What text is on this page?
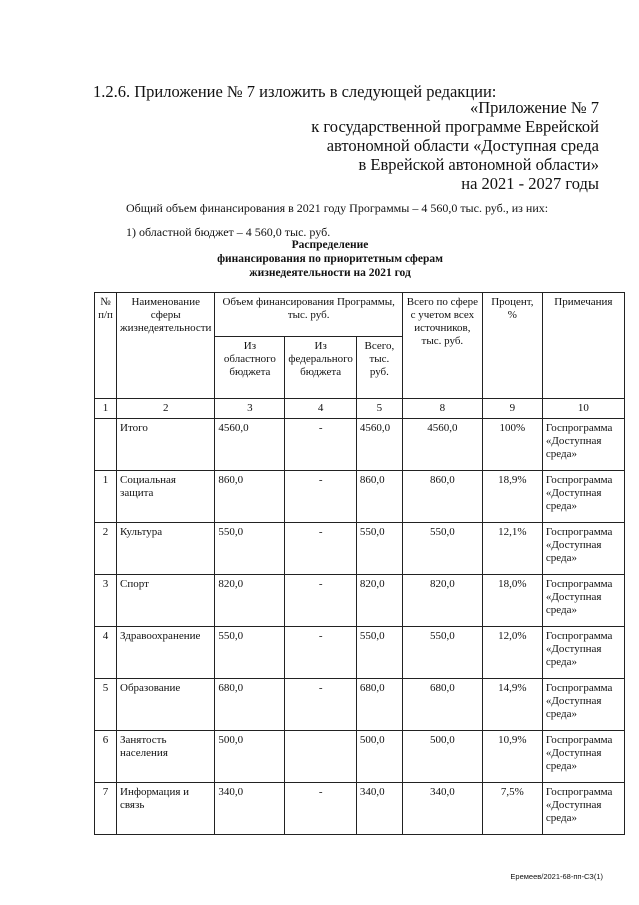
1.2.6. Приложение № 7 изложить в следующей редакции:
«Приложение № 7
к государственной программе Еврейской
автономной области «Доступная среда
в Еврейской автономной области»
на 2021 - 2027 годы
Общий объем финансирования в 2021 году Программы – 4 560,0 тыс. руб., из них:
1) областной бюджет – 4 560,0 тыс. руб.
Распределение
финансирования по приоритетным сферам
жизнедеятельности на 2021 год
№ п/п	Наименование сферы жизнедеятельности	Объем финансирования Программы, тыс. руб.			Всего по сфере с учетом всех источников, тыс. руб.	Процент, %	Примечания
		Из областного бюджета	Из федерального бюджета	Всего, тыс. руб.			
1	2	3	4	5	8	9	10
	Итого	4560,0	-	4560,0	4560,0	100%	Госпрограмма «Доступная среда»
1	Социальная защита	860,0	-	860,0	860,0	18,9%	Госпрограмма «Доступная среда»
2	Культура	550,0	-	550,0	550,0	12,1%	Госпрограмма «Доступная среда»
3	Спорт	820,0	-	820,0	820,0	18,0%	Госпрограмма «Доступная среда»
4	Здравоохранение	550,0	-	550,0	550,0	12,0%	Госпрограмма «Доступная среда»
5	Образование	680,0	-	680,0	680,0	14,9%	Госпрограмма «Доступная среда»
6	Занятость населения	500,0		500,0	500,0	10,9%	Госпрограмма «Доступная среда»
7	Информация и связь	340,0	-	340,0	340,0	7,5%	Госпрограмма «Доступная среда»
Еремеев/2021-68-пп-СЗ(1)
